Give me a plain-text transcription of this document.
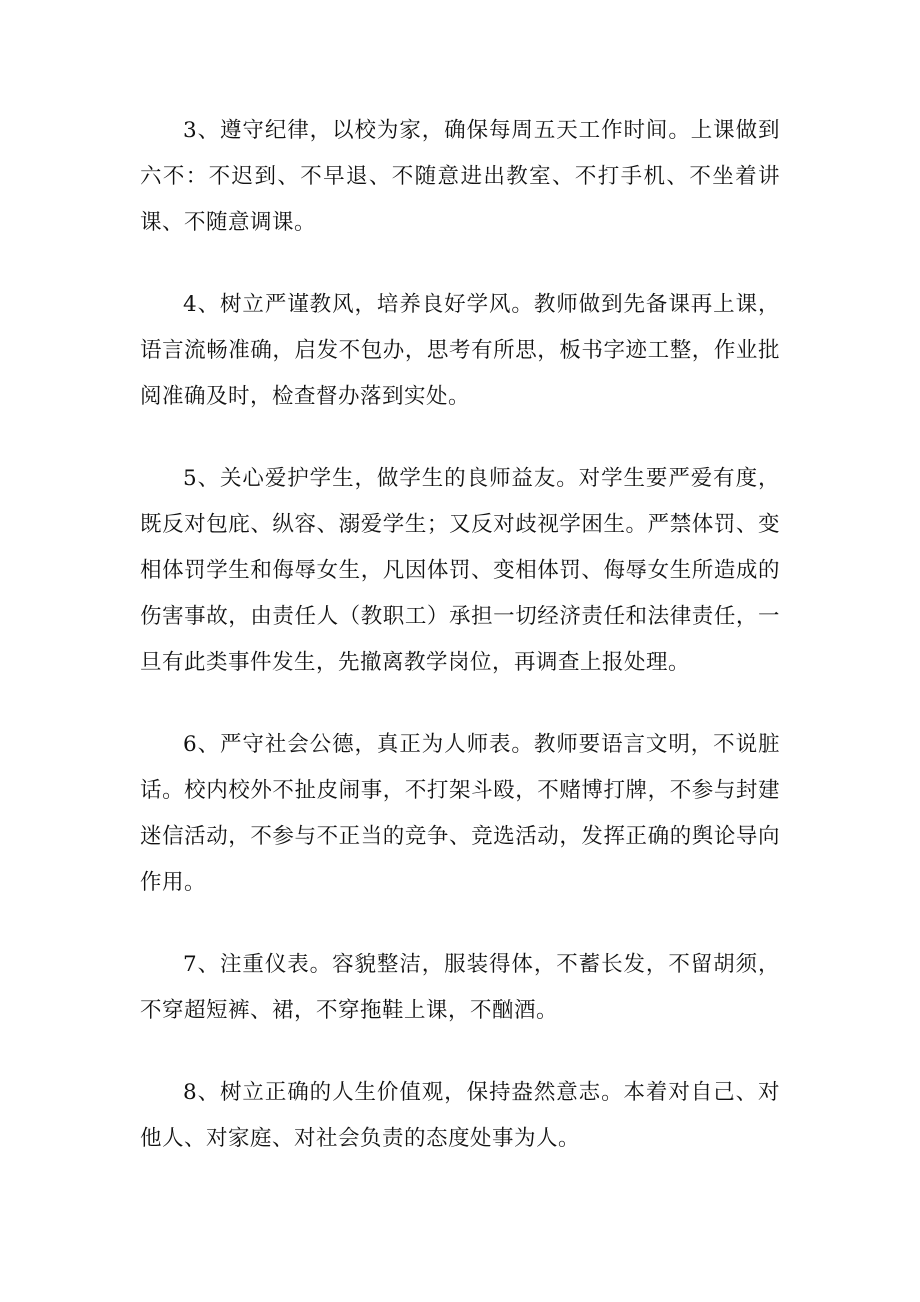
3、遵守纪律，以校为家，确保每周五天工作时间。上课做到六不：不迟到、不早退、不随意进出教室、不打手机、不坐着讲课、不随意调课。

4、树立严谨教风，培养良好学风。教师做到先备课再上课，语言流畅准确，启发不包办，思考有所思，板书字迹工整，作业批阅准确及时，检查督办落到实处。

5、关心爱护学生，做学生的良师益友。对学生要严爱有度，既反对包庇、纵容、溺爱学生；又反对歧视学困生。严禁体罚、变相体罚学生和侮辱女生，凡因体罚、变相体罚、侮辱女生所造成的伤害事故，由责任人（教职工）承担一切经济责任和法律责任，一旦有此类事件发生，先撤离教学岗位，再调查上报处理。

6、严守社会公德，真正为人师表。教师要语言文明，不说脏话。校内校外不扯皮闹事，不打架斗殴，不赌博打牌，不参与封建迷信活动，不参与不正当的竞争、竞选活动，发挥正确的舆论导向作用。

7、注重仪表。容貌整洁，服装得体，不蓄长发，不留胡须，不穿超短裤、裙，不穿拖鞋上课，不酗酒。

8、树立正确的人生价值观，保持盎然意志。本着对自己、对他人、对家庭、对社会负责的态度处事为人。
